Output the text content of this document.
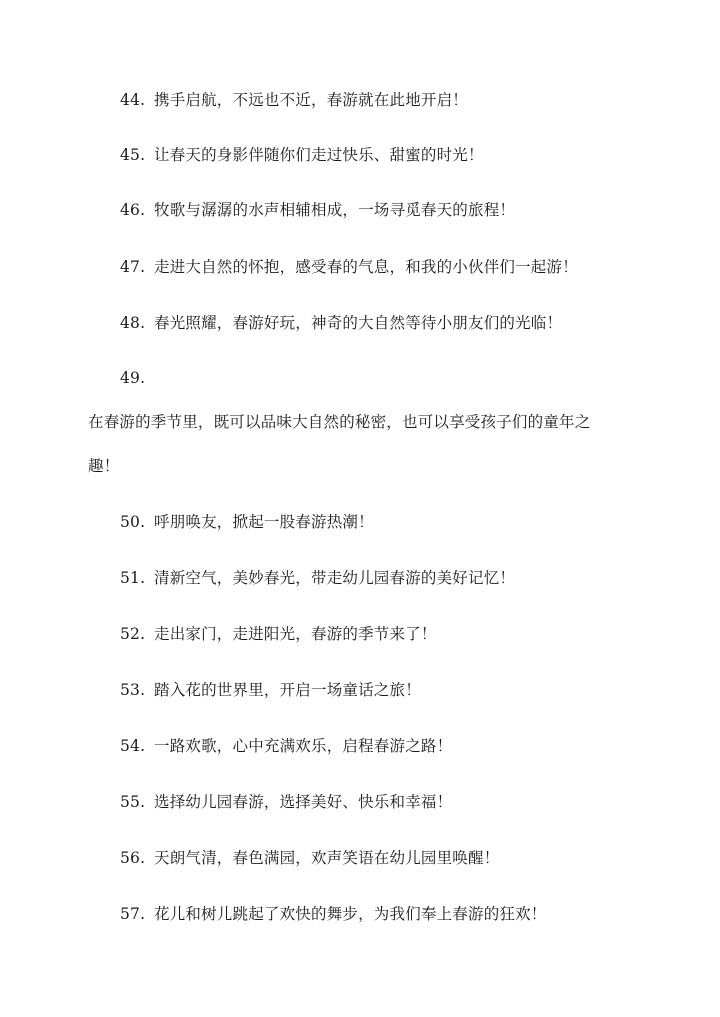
44. 携手启航，不远也不近，春游就在此地开启！
45. 让春天的身影伴随你们走过快乐、甜蜜的时光！
46. 牧歌与潺潺的水声相辅相成，一场寻觅春天的旅程！
47. 走进大自然的怀抱，感受春的气息，和我的小伙伴们一起游！
48. 春光照耀，春游好玩，神奇的大自然等待小朋友们的光临！
49.
在春游的季节里，既可以品味大自然的秘密，也可以享受孩子们的童年之
趣！
50. 呼朋唤友，掀起一股春游热潮！
51. 清新空气，美妙春光，带走幼儿园春游的美好记忆！
52. 走出家门，走进阳光，春游的季节来了！
53. 踏入花的世界里，开启一场童话之旅！
54. 一路欢歌，心中充满欢乐，启程春游之路！
55. 选择幼儿园春游，选择美好、快乐和幸福！
56. 天朗气清，春色满园，欢声笑语在幼儿园里唤醒！
57. 花儿和树儿跳起了欢快的舞步，为我们奉上春游的狂欢！
